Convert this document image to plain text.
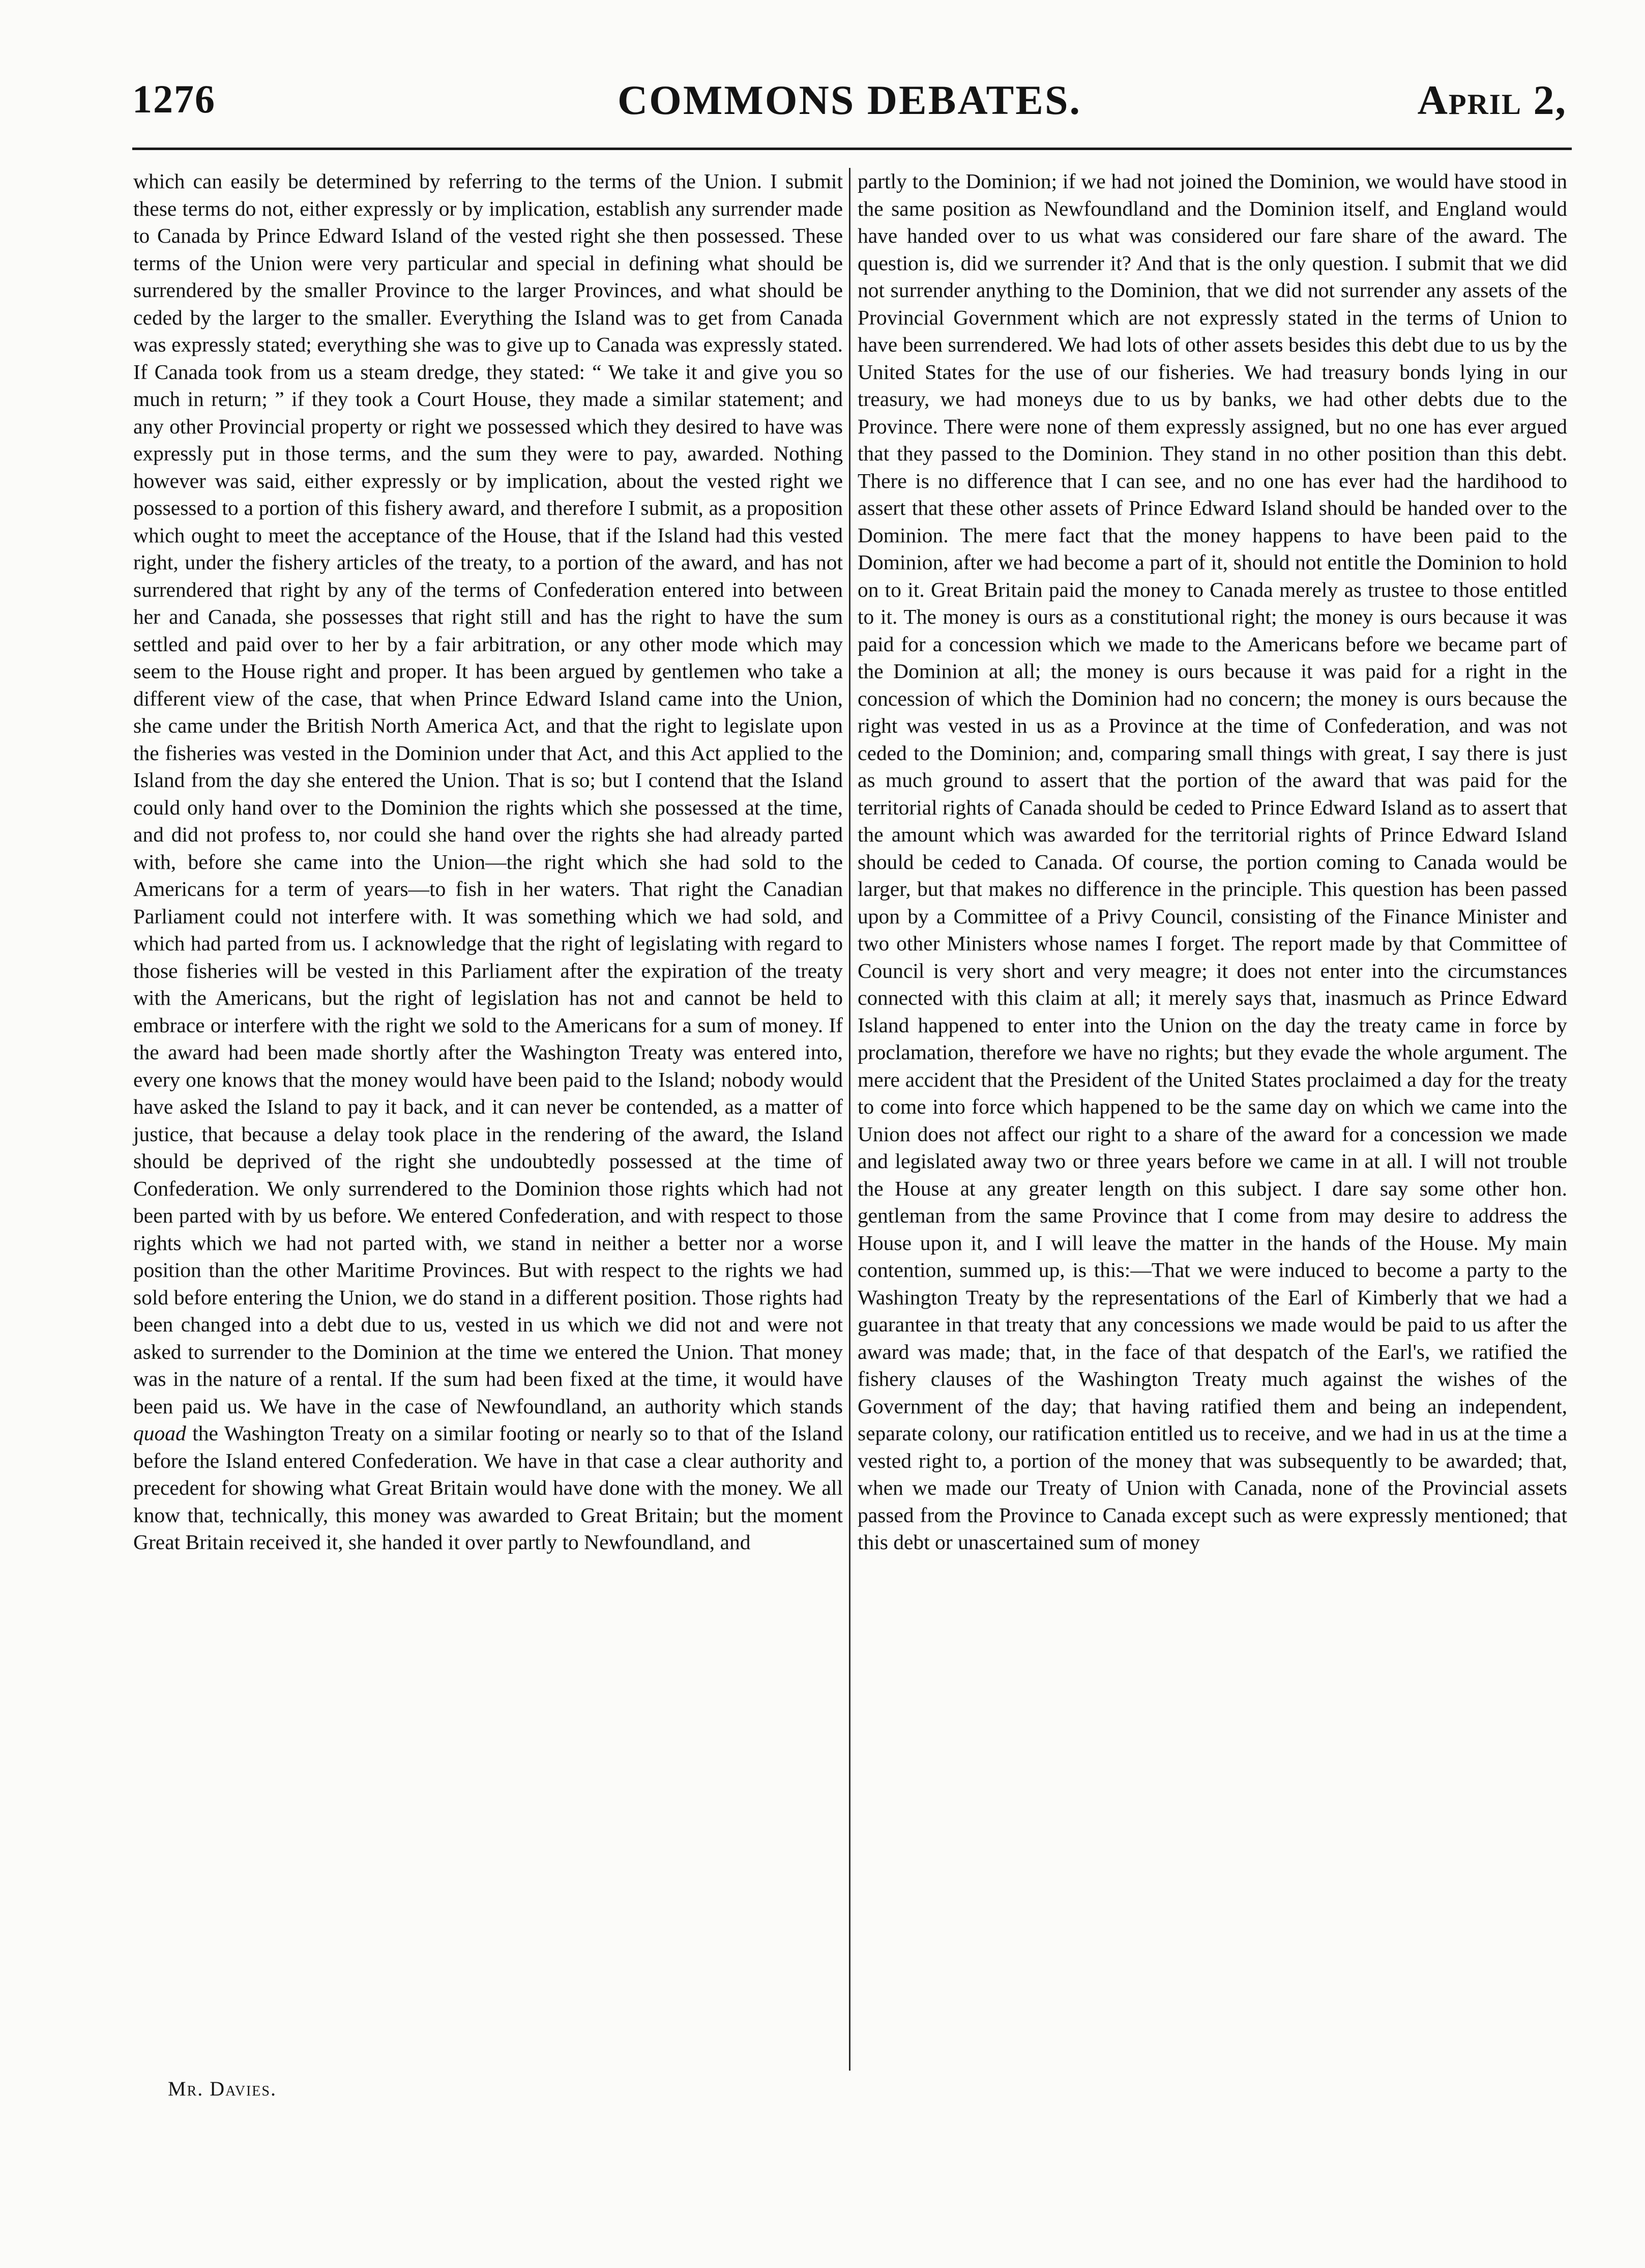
1276	COMMONS DEBATES.	April 2,

which can easily be determined by referring to the terms of the Union. I submit these terms do not, either expressly or by implication, establish any surrender made to Canada by Prince Edward Island of the vested right she then possessed. These terms of the Union were very particular and special in defining what should be surrendered by the smaller Province to the larger Provinces, and what should be ceded by the larger to the smaller. Everything the Island was to get from Canada was expressly stated; everything she was to give up to Canada was expressly stated. If Canada took from us a steam dredge, they stated: “ We take it and give you so much in return; ” if they took a Court House, they made a similar statement; and any other Provincial property or right we possessed which they desired to have was expressly put in those terms, and the sum they were to pay, awarded. Nothing however was said, either expressly or by implication, about the vested right we possessed to a portion of this fishery award, and therefore I submit, as a proposition which ought to meet the acceptance of the House, that if the Island had this vested right, under the fishery articles of the treaty, to a portion of the award, and has not surrendered that right by any of the terms of Confederation entered into between her and Canada, she possesses that right still and has the right to have the sum settled and paid over to her by a fair arbitration, or any other mode which may seem to the House right and proper. It has been argued by gentlemen who take a different view of the case, that when Prince Edward Island came into the Union, she came under the British North America Act, and that the right to legislate upon the fisheries was vested in the Dominion under that Act, and this Act applied to the Island from the day she entered the Union. That is so; but I contend that the Island could only hand over to the Dominion the rights which she possessed at the time, and did not profess to, nor could she hand over the rights she had already parted with, before she came into the Union—the right which she had sold to the Americans for a term of years—to fish in her waters. That right the Canadian Parliament could not interfere with. It was something which we had sold, and which had parted from us. I acknowledge that the right of legislating with regard to those fisheries will be vested in this Parliament after the expiration of the treaty with the Americans, but the right of legislation has not and cannot be held to embrace or interfere with the right we sold to the Americans for a sum of money. If the award had been made shortly after the Washington Treaty was entered into, every one knows that the money would have been paid to the Island; nobody would have asked the Island to pay it back, and it can never be contended, as a matter of justice, that because a delay took place in the rendering of the award, the Island should be deprived of the right she undoubtedly possessed at the time of Confederation. We only surrendered to the Dominion those rights which had not been parted with by us before. We entered Confederation, and with respect to those rights which we had not parted with, we stand in neither a better nor a worse position than the other Maritime Provinces. But with respect to the rights we had sold before entering the Union, we do stand in a different position. Those rights had been changed into a debt due to us, vested in us which we did not and were not asked to surrender to the Dominion at the time we entered the Union. That money was in the nature of a rental. If the sum had been fixed at the time, it would have been paid us. We have in the case of Newfoundland, an authority which stands quoad the Washington Treaty on a similar footing or nearly so to that of the Island before the Island entered Confederation. We have in that case a clear authority and precedent for showing what Great Britain would have done with the money. We all know that, technically, this money was awarded to Great Britain; but the moment Great Britain received it, she handed it over partly to Newfoundland, and

partly to the Dominion; if we had not joined the Dominion, we would have stood in the same position as Newfoundland and the Dominion itself, and England would have handed over to us what was considered our fare share of the award. The question is, did we surrender it? And that is the only question. I submit that we did not surrender anything to the Dominion, that we did not surrender any assets of the Provincial Government which are not expressly stated in the terms of Union to have been surrendered. We had lots of other assets besides this debt due to us by the United States for the use of our fisheries. We had treasury bonds lying in our treasury, we had moneys due to us by banks, we had other debts due to the Province. There were none of them expressly assigned, but no one has ever argued that they passed to the Dominion. They stand in no other position than this debt. There is no difference that I can see, and no one has ever had the hardihood to assert that these other assets of Prince Edward Island should be handed over to the Dominion. The mere fact that the money happens to have been paid to the Dominion, after we had become a part of it, should not entitle the Dominion to hold on to it. Great Britain paid the money to Canada merely as trustee to those entitled to it. The money is ours as a constitutional right; the money is ours because it was paid for a concession which we made to the Americans before we became part of the Dominion at all; the money is ours because it was paid for a right in the concession of which the Dominion had no concern; the money is ours because the right was vested in us as a Province at the time of Confederation, and was not ceded to the Dominion; and, comparing small things with great, I say there is just as much ground to assert that the portion of the award that was paid for the territorial rights of Canada should be ceded to Prince Edward Island as to assert that the amount which was awarded for the territorial rights of Prince Edward Island should be ceded to Canada. Of course, the portion coming to Canada would be larger, but that makes no difference in the principle. This question has been passed upon by a Committee of a Privy Council, consisting of the Finance Minister and two other Ministers whose names I forget. The report made by that Committee of Council is very short and very meagre; it does not enter into the circumstances connected with this claim at all; it merely says that, inasmuch as Prince Edward Island happened to enter into the Union on the day the treaty came in force by proclamation, therefore we have no rights; but they evade the whole argument. The mere accident that the President of the United States proclaimed a day for the treaty to come into force which happened to be the same day on which we came into the Union does not affect our right to a share of the award for a concession we made and legislated away two or three years before we came in at all. I will not trouble the House at any greater length on this subject. I dare say some other hon. gentleman from the same Province that I come from may desire to address the House upon it, and I will leave the matter in the hands of the House. My main contention, summed up, is this:—That we were induced to become a party to the Washington Treaty by the representations of the Earl of Kimberly that we had a guarantee in that treaty that any concessions we made would be paid to us after the award was made; that, in the face of that despatch of the Earl's, we ratified the fishery clauses of the Washington Treaty much against the wishes of the Government of the day; that having ratified them and being an independent, separate colony, our ratification entitled us to receive, and we had in us at the time a vested right to, a portion of the money that was subsequently to be awarded; that, when we made our Treaty of Union with Canada, none of the Provincial assets passed from the Province to Canada except such as were expressly mentioned; that this debt or unascertained sum of money

Mr. Davies.
